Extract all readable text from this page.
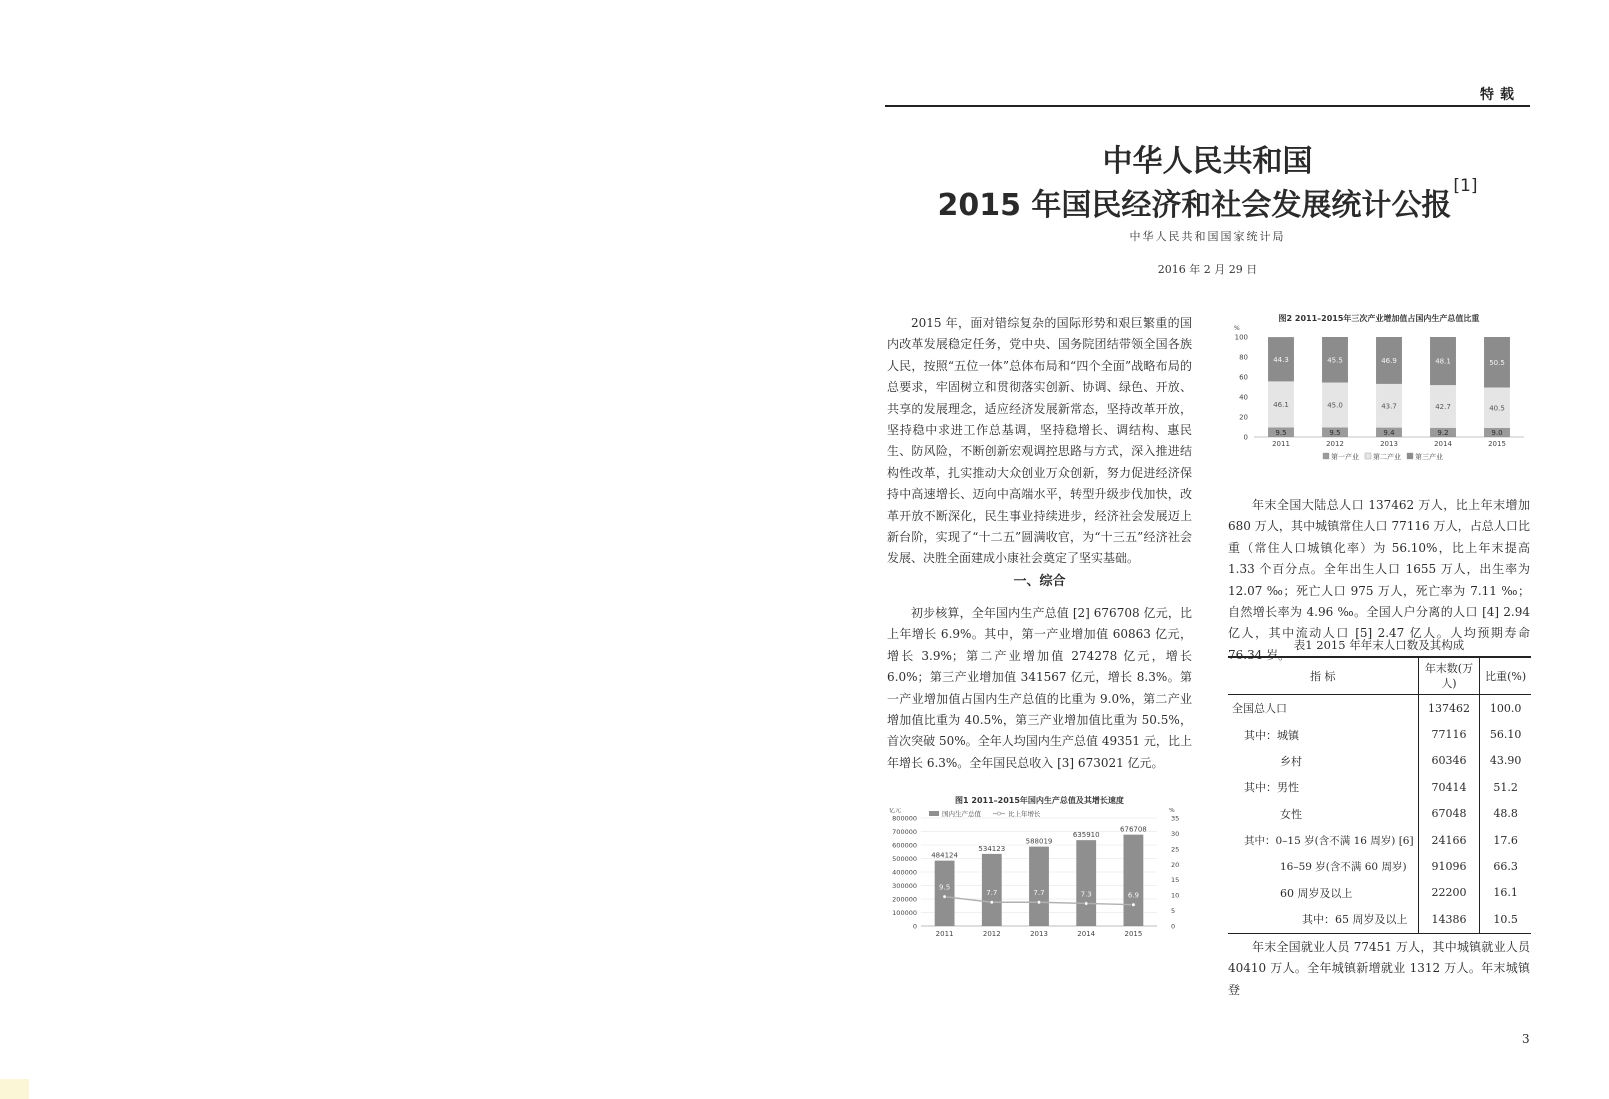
特载
中华人民共和国
2015 年国民经济和社会发展统计公报[1]
中华人民共和国国家统计局
2016 年 2 月 29 日

2015 年，面对错综复杂的国际形势和艰巨繁重的国内改革发展稳定任务，党中央、国务院团结带领全国各族人民，按照“五位一体”总体布局和“四个全面”战略布局的总要求，牢固树立和贯彻落实创新、协调、绿色、开放、共享的发展理念，适应经济发展新常态，坚持改革开放，坚持稳中求进工作总基调，坚持稳增长、调结构、惠民生、防风险，不断创新宏观调控思路与方式，深入推进结构性改革，扎实推动大众创业万众创新，努力促进经济保持中高速增长、迈向中高端水平，转型升级步伐加快，改革开放不断深化，民生事业持续进步，经济社会发展迈上新台阶，实现了“十二五”圆满收官，为“十三五”经济社会发展、决胜全面建成小康社会奠定了坚实基础。

一、综合

初步核算，全年国内生产总值 [2] 676708 亿元，比上年增长 6.9%。其中，第一产业增加值 60863 亿元，增长 3.9%；第二产业增加值 274278 亿元，增长 6.0%；第三产业增加值 341567 亿元，增长 8.3%。第一产业增加值占国内生产总值的比重为 9.0%，第二产业增加值比重为 40.5%，第三产业增加值比重为 50.5%，首次突破 50%。全年人均国内生产总值 49351 元，比上年增长 6.3%。全年国民总收入 [3] 673021 亿元。

图1 2011–2015年国内生产总值及其增长速度
亿元	%
0
100000
200000
300000
400000
500000
600000
700000
800000
0
5
10
15
20
25
30
35
484124
2011
534123
2012
588019
2013
635910
2014
676708
2015
9.5
7.7	7.7	7.3	6.9
国内生产总值	比上年增长
图2 2011–2015年三次产业增加值占国内生产总值比重
%
0
20
40
60
80
100
9.5
46.1
44.3
2011
9.5
45.0
45.5
2012
9.4
43.7
46.9
2013
9.2
42.7
48.1
2014
9.0
40.5
50.5
2015
第一产业 第二产业 第三产业

年末全国大陆总人口 137462 万人，比上年末增加 680 万人，其中城镇常住人口 77116 万人，占总人口比重（常住人口城镇化率）为 56.10%，比上年末提高 1.33 个百分点。全年出生人口 1655 万人，出生率为 12.07 ‰；死亡人口 975 万人，死亡率为 7.11 ‰；自然增长率为 4.96 ‰。全国人户分离的人口 [4] 2.94 亿人，其中流动人口 [5] 2.47 亿人。人均预期寿命 76.34 岁。

表1 2015 年年末人口数及其构成
指 标	年末数(万人)	比重(%)
全国总人口	137462	100.0
其中：城镇	77116	56.10
乡村	60346	43.90
其中：男性	70414	51.2
女性	67048	48.8
其中：0–15 岁(含不满 16 周岁) [6]	24166	17.6
16–59 岁(含不满 60 周岁)	91096	66.3
60 周岁及以上	22200	16.1
其中：65 周岁及以上	14386	10.5

年末全国就业人员 77451 万人，其中城镇就业人员 40410 万人。全年城镇新增就业 1312 万人。年末城镇登

3
